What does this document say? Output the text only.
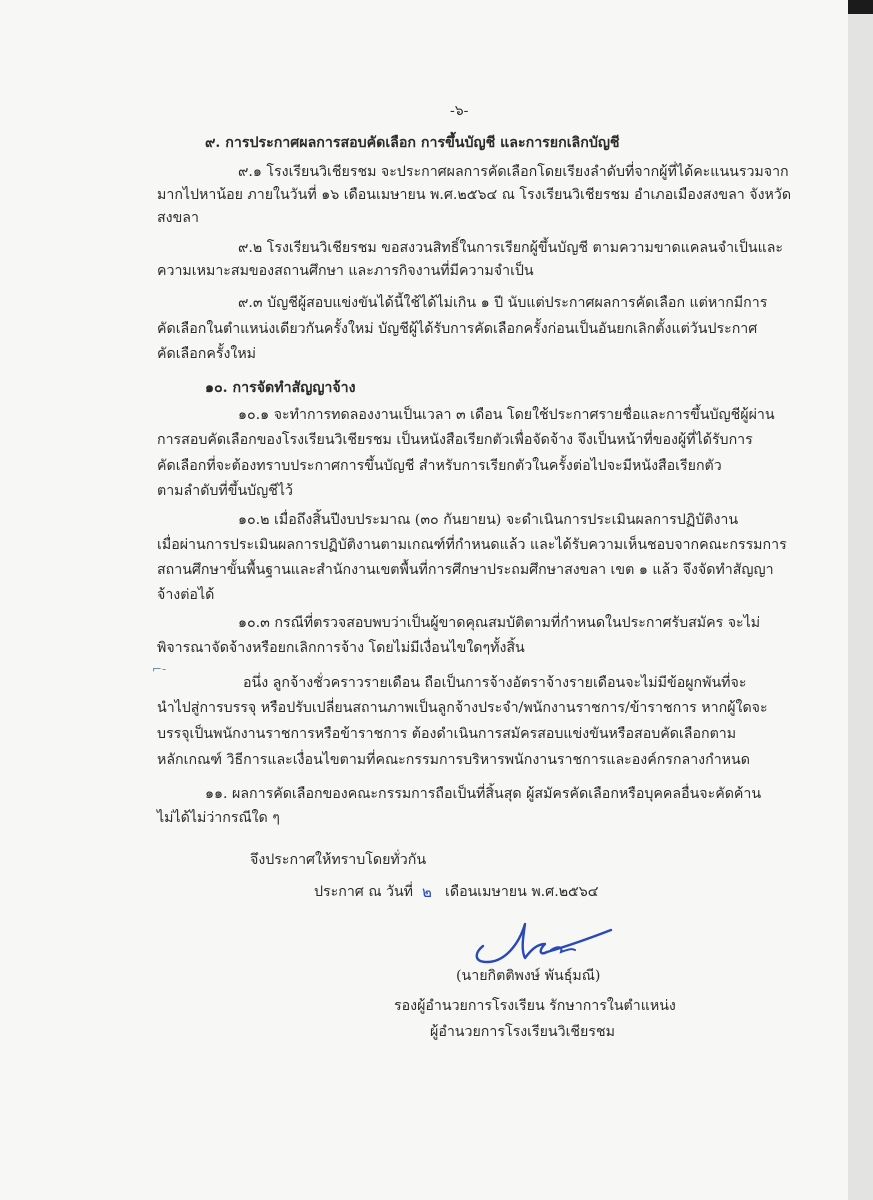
-๖-
๙. การประกาศผลการสอบคัดเลือก การขึ้นบัญชี และการยกเลิกบัญชี
๙.๑ โรงเรียนวิเชียรชม จะประกาศผลการคัดเลือกโดยเรียงลำดับที่จากผู้ที่ได้คะแนนรวมจาก
มากไปหาน้อย ภายในวันที่ ๑๖ เดือนเมษายน พ.ศ.๒๕๖๔ ณ โรงเรียนวิเชียรชม อำเภอเมืองสงขลา จังหวัด
สงขลา
๙.๒ โรงเรียนวิเชียรชม ขอสงวนสิทธิ์ในการเรียกผู้ขึ้นบัญชี ตามความขาดแคลนจำเป็นและ
ความเหมาะสมของสถานศึกษา และภารกิจงานที่มีความจำเป็น
๙.๓ บัญชีผู้สอบแข่งขันได้นี้ใช้ได้ไม่เกิน ๑ ปี นับแต่ประกาศผลการคัดเลือก แต่หากมีการ
คัดเลือกในตำแหน่งเดียวกันครั้งใหม่ บัญชีผู้ได้รับการคัดเลือกครั้งก่อนเป็นอันยกเลิกตั้งแต่วันประกาศ
คัดเลือกครั้งใหม่
๑๐. การจัดทำสัญญาจ้าง
๑๐.๑ จะทำการทดลองงานเป็นเวลา ๓ เดือน โดยใช้ประกาศรายชื่อและการขึ้นบัญชีผู้ผ่าน
การสอบคัดเลือกของโรงเรียนวิเชียรชม เป็นหนังสือเรียกตัวเพื่อจัดจ้าง จึงเป็นหน้าที่ของผู้ที่ได้รับการ
คัดเลือกที่จะต้องทราบประกาศการขึ้นบัญชี สำหรับการเรียกตัวในครั้งต่อไปจะมีหนังสือเรียกตัว
ตามลำดับที่ขึ้นบัญชีไว้
๑๐.๒ เมื่อถึงสิ้นปีงบประมาณ (๓๐ กันยายน) จะดำเนินการประเมินผลการปฏิบัติงาน
เมื่อผ่านการประเมินผลการปฏิบัติงานตามเกณฑ์ที่กำหนดแล้ว และได้รับความเห็นชอบจากคณะกรรมการ
สถานศึกษาขั้นพื้นฐานและสำนักงานเขตพื้นที่การศึกษาประถมศึกษาสงขลา เขต ๑ แล้ว จึงจัดทำสัญญา
จ้างต่อได้
๑๐.๓ กรณีที่ตรวจสอบพบว่าเป็นผู้ขาดคุณสมบัติตามที่กำหนดในประกาศรับสมัคร จะไม่
พิจารณาจัดจ้างหรือยกเลิกการจ้าง โดยไม่มีเงื่อนไขใดๆทั้งสิ้น
⌐-
อนึ่ง ลูกจ้างชั่วคราวรายเดือน ถือเป็นการจ้างอัตราจ้างรายเดือนจะไม่มีข้อผูกพันที่จะ
นำไปสู่การบรรจุ หรือปรับเปลี่ยนสถานภาพเป็นลูกจ้างประจำ/พนักงานราชการ/ข้าราชการ หากผู้ใดจะ
บรรจุเป็นพนักงานราชการหรือข้าราชการ ต้องดำเนินการสมัครสอบแข่งขันหรือสอบคัดเลือกตาม
หลักเกณฑ์ วิธีการและเงื่อนไขตามที่คณะกรรมการบริหารพนักงานราชการและองค์กรกลางกำหนด
๑๑. ผลการคัดเลือกของคณะกรรมการถือเป็นที่สิ้นสุด ผู้สมัครคัดเลือกหรือบุคคลอื่นจะคัดค้าน
ไม่ได้ไม่ว่ากรณีใด ๆ
จึงประกาศให้ทราบโดยทั่วกัน
ประกาศ ณ วันที่ ๒ เดือนเมษายน พ.ศ.๒๕๖๔
(นายกิตติพงษ์ พันธุ์มณี)
รองผู้อำนวยการโรงเรียน รักษาการในตำแหน่ง
ผู้อำนวยการโรงเรียนวิเชียรชม
